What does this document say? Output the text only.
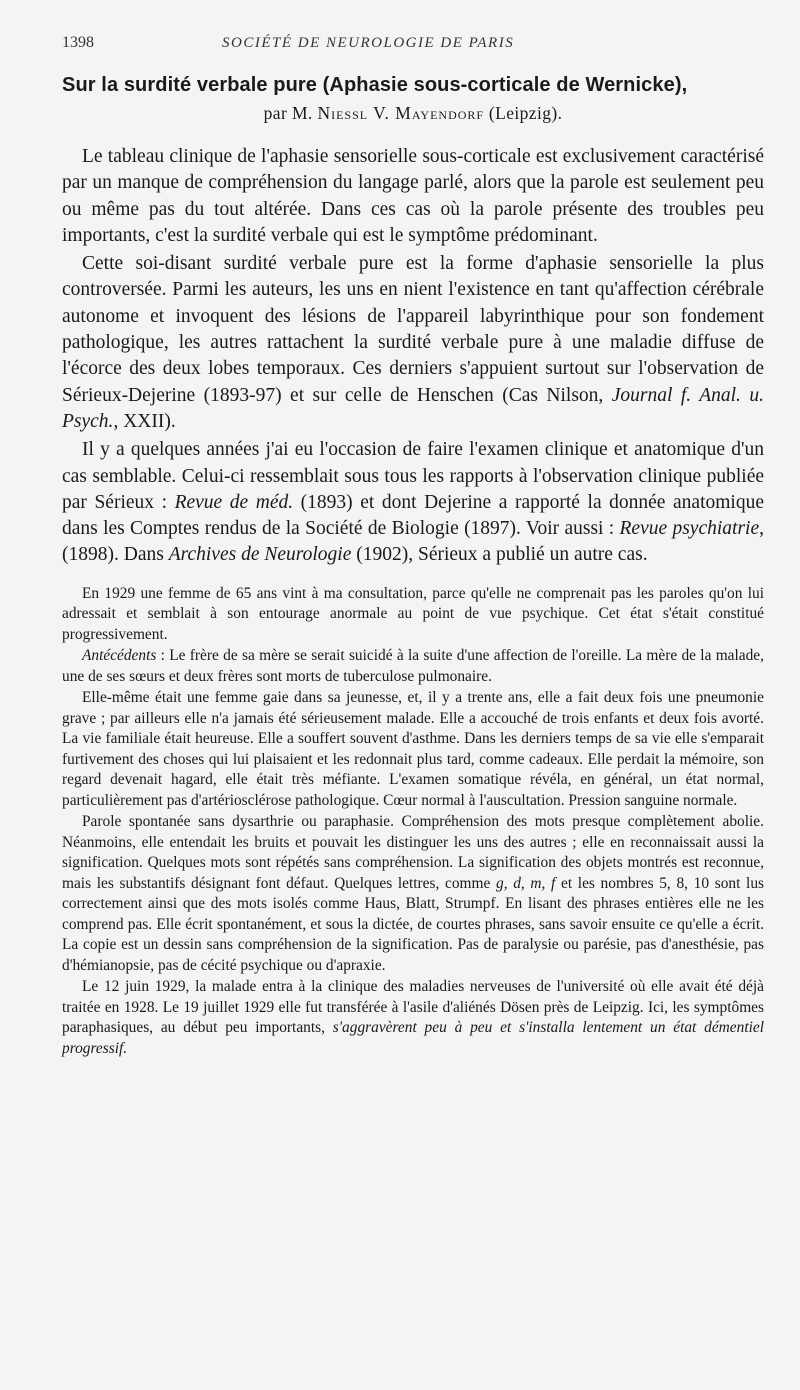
1398	SOCIÉTÉ DE NEUROLOGIE DE PARIS
Sur la surdité verbale pure (Aphasie sous-corticale de Wernicke),
par M. Niessl V. Mayendorf (Leipzig).

Le tableau clinique de l'aphasie sensorielle sous-corticale est exclusivement caractérisé par un manque de compréhension du langage parlé, alors que la parole est seulement peu ou même pas du tout altérée. Dans ces cas où la parole présente des troubles peu importants, c'est la surdité verbale qui est le symptôme prédominant.

Cette soi-disant surdité verbale pure est la forme d'aphasie sensorielle la plus controversée. Parmi les auteurs, les uns en nient l'existence en tant qu'affection cérébrale autonome et invoquent des lésions de l'appareil labyrinthique pour son fondement pathologique, les autres rattachent la surdité verbale pure à une maladie diffuse de l'écorce des deux lobes temporaux. Ces derniers s'appuient surtout sur l'observation de Sérieux-Dejerine (1893-97) et sur celle de Henschen (Cas Nilson, Journal f. Anal. u. Psych., XXII).

Il y a quelques années j'ai eu l'occasion de faire l'examen clinique et anatomique d'un cas semblable. Celui-ci ressemblait sous tous les rapports à l'observation clinique publiée par Sérieux : Revue de méd. (1893) et dont Dejerine a rapporté la donnée anatomique dans les Comptes rendus de la Société de Biologie (1897). Voir aussi : Revue psychiatrie, (1898). Dans Archives de Neurologie (1902), Sérieux a publié un autre cas.

En 1929 une femme de 65 ans vint à ma consultation, parce qu'elle ne comprenait pas les paroles qu'on lui adressait et semblait à son entourage anormale au point de vue psychique. Cet état s'était constitué progressivement.

Antécédents : Le frère de sa mère se serait suicidé à la suite d'une affection de l'oreille. La mère de la malade, une de ses sœurs et deux frères sont morts de tuberculose pulmonaire.

Elle-même était une femme gaie dans sa jeunesse, et, il y a trente ans, elle a fait deux fois une pneumonie grave ; par ailleurs elle n'a jamais été sérieusement malade. Elle a accouché de trois enfants et deux fois avorté. La vie familiale était heureuse. Elle a souffert souvent d'asthme. Dans les derniers temps de sa vie elle s'emparait furtivement des choses qui lui plaisaient et les redonnait plus tard, comme cadeaux. Elle perdait la mémoire, son regard devenait hagard, elle était très méfiante. L'examen somatique révéla, en général, un état normal, particulièrement pas d'artériosclérose pathologique. Cœur normal à l'auscultation. Pression sanguine normale.

Parole spontanée sans dysarthrie ou paraphasie. Compréhension des mots presque complètement abolie. Néanmoins, elle entendait les bruits et pouvait les distinguer les uns des autres ; elle en reconnaissait aussi la signification. Quelques mots sont répétés sans compréhension. La signification des objets montrés est reconnue, mais les substantifs désignant font défaut. Quelques lettres, comme g, d, m, f et les nombres 5, 8, 10 sont lus correctement ainsi que des mots isolés comme Haus, Blatt, Strumpf. En lisant des phrases entières elle ne les comprend pas. Elle écrit spontanément, et sous la dictée, de courtes phrases, sans savoir ensuite ce qu'elle a écrit. La copie est un dessin sans compréhension de la signification. Pas de paralysie ou parésie, pas d'anesthésie, pas d'hémianopsie, pas de cécité psychique ou d'apraxie.

Le 12 juin 1929, la malade entra à la clinique des maladies nerveuses de l'université où elle avait été déjà traitée en 1928. Le 19 juillet 1929 elle fut transférée à l'asile d'aliénés Dösen près de Leipzig. Ici, les symptômes paraphasiques, au début peu importants, s'aggravèrent peu à peu et s'installa lentement un état démentiel progressif.
